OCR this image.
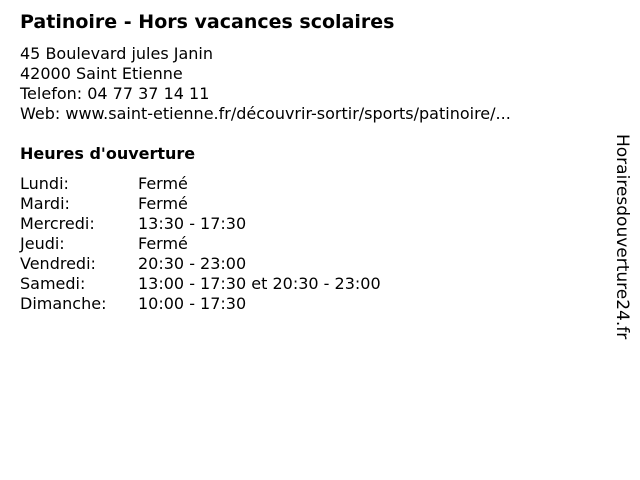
Patinoire - Hors vacances scolaires
45 Boulevard jules Janin
42000 Saint Etienne
Telefon: 04 77 37 14 11
Web: www.saint-etienne.fr/découvrir-sortir/sports/patinoire/...
Heures d'ouverture
Lundi:	Fermé
Mardi:	Fermé
Mercredi:	13:30 - 17:30
Jeudi:	Fermé
Vendredi:	20:30 - 23:00
Samedi:	13:00 - 17:30 et 20:30 - 23:00
Dimanche:	10:00 - 17:30	Horairesdouverture24.fr
